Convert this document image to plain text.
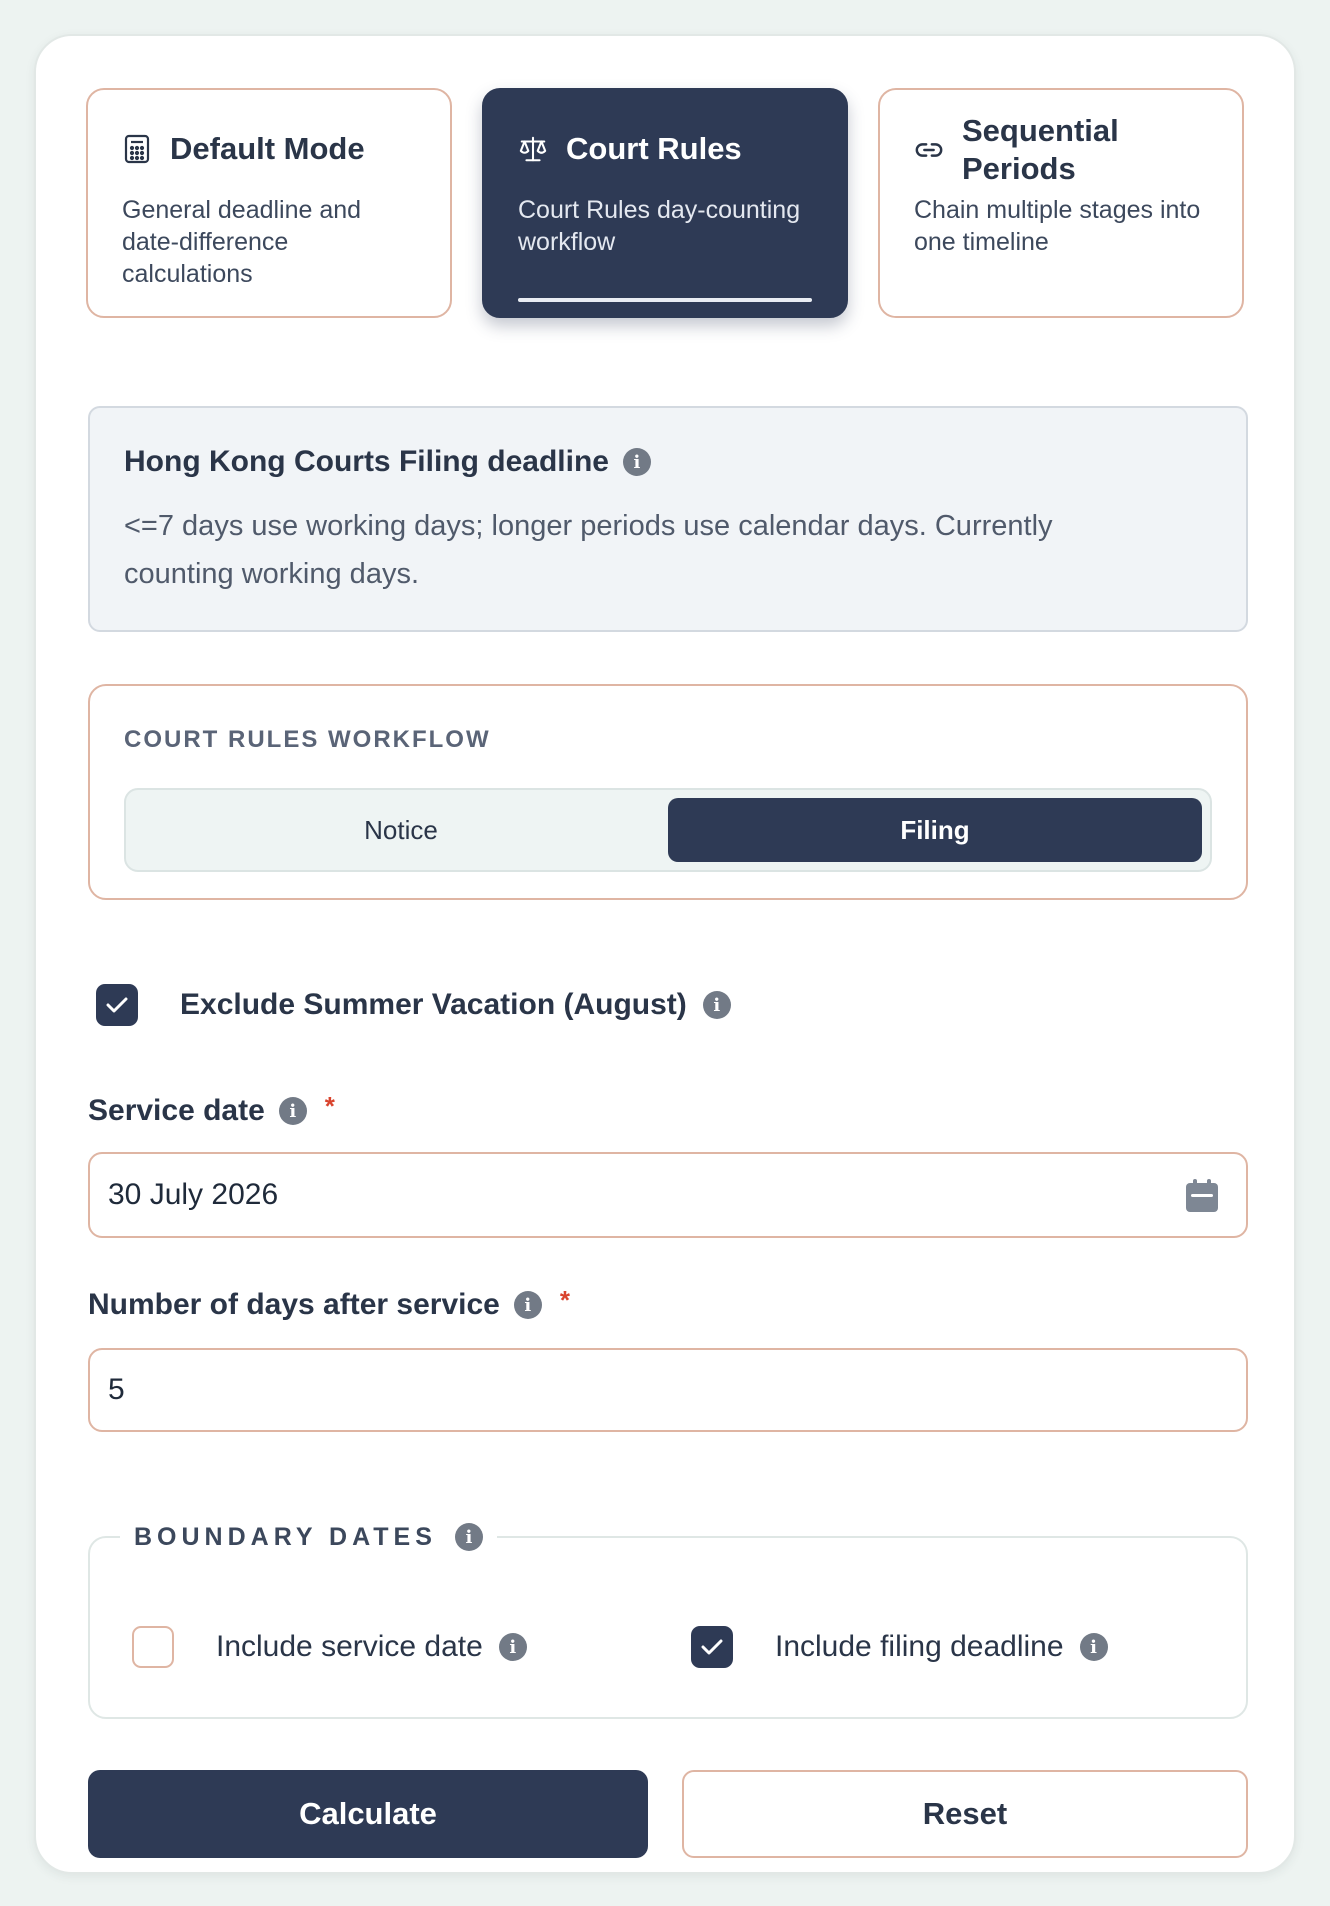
Default Mode
General deadline and date-difference calculations
Court Rules
Court Rules day-counting workflow
Sequential Periods
Chain multiple stages into one timeline
Hong Kong Courts Filing deadline	i
<=7 days use working days; longer periods use calendar days. Currently counting working days.
COURT RULES WORKFLOW
Notice	Filing
Exclude Summer Vacation (August)	i
Service date	i	*
30 July 2026
Number of days after service	i	*
5
BOUNDARY DATES	i
Include service date	i	Include filing deadline	i
Calculate	Reset
